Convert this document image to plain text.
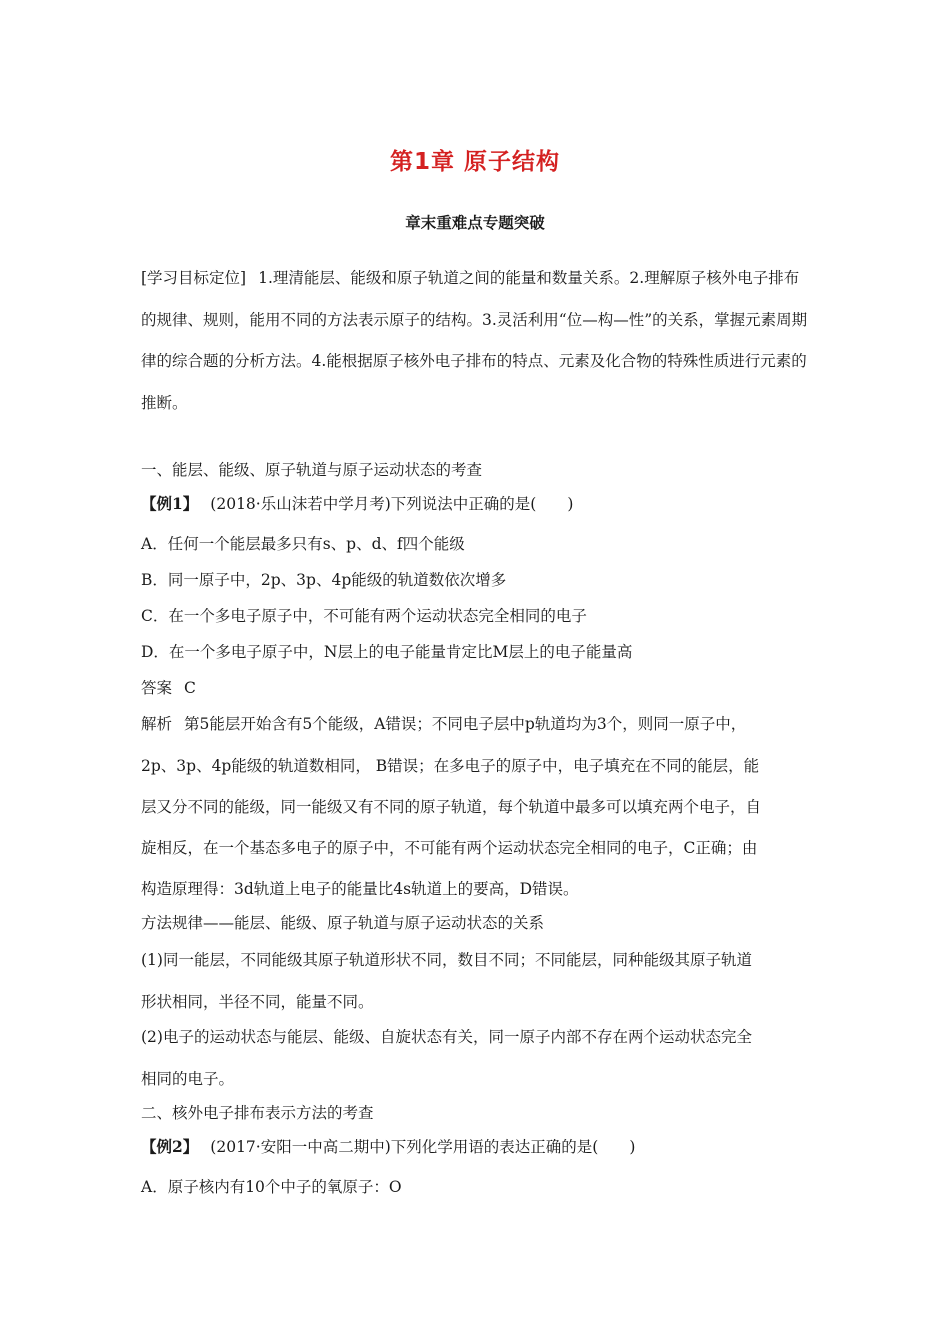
第1章 原子结构
章末重难点专题突破
[学习目标定位] 1.理清能层、能级和原子轨道之间的能量和数量关系。2.理解原子核外电子排布的规律、规则，能用不同的方法表示原子的结构。3.灵活利用“位—构—性”的关系，掌握元素周期律的综合题的分析方法。4.能根据原子核外电子排布的特点、元素及化合物的特殊性质进行元素的推断。
一、能层、能级、原子轨道与原子运动状态的考查
【例1】 (2018·乐山沫若中学月考)下列说法中正确的是(　　)
A．任何一个能层最多只有s、p、d、f四个能级
B．同一原子中，2p、3p、4p能级的轨道数依次增多
C．在一个多电子原子中，不可能有两个运动状态完全相同的电子
D．在一个多电子原子中，N层上的电子能量肯定比M层上的电子能量高
答案 C
解析 第5能层开始含有5个能级，A错误；不同电子层中p轨道均为3个，则同一原子中，
2p、3p、4p能级的轨道数相同， B错误；在多电子的原子中，电子填充在不同的能层，能
层又分不同的能级，同一能级又有不同的原子轨道，每个轨道中最多可以填充两个电子，自
旋相反，在一个基态多电子的原子中，不可能有两个运动状态完全相同的电子，C正确；由
构造原理得：3d轨道上电子的能量比4s轨道上的要高，D错误。
方法规律——能层、能级、原子轨道与原子运动状态的关系
(1)同一能层，不同能级其原子轨道形状不同，数目不同；不同能层，同种能级其原子轨道
形状相同，半径不同，能量不同。
(2)电子的运动状态与能层、能级、自旋状态有关，同一原子内部不存在两个运动状态完全
相同的电子。
二、核外电子排布表示方法的考查
【例2】 (2017·安阳一中高二期中)下列化学用语的表达正确的是(　　)
A．原子核内有10个中子的氧原子：O
